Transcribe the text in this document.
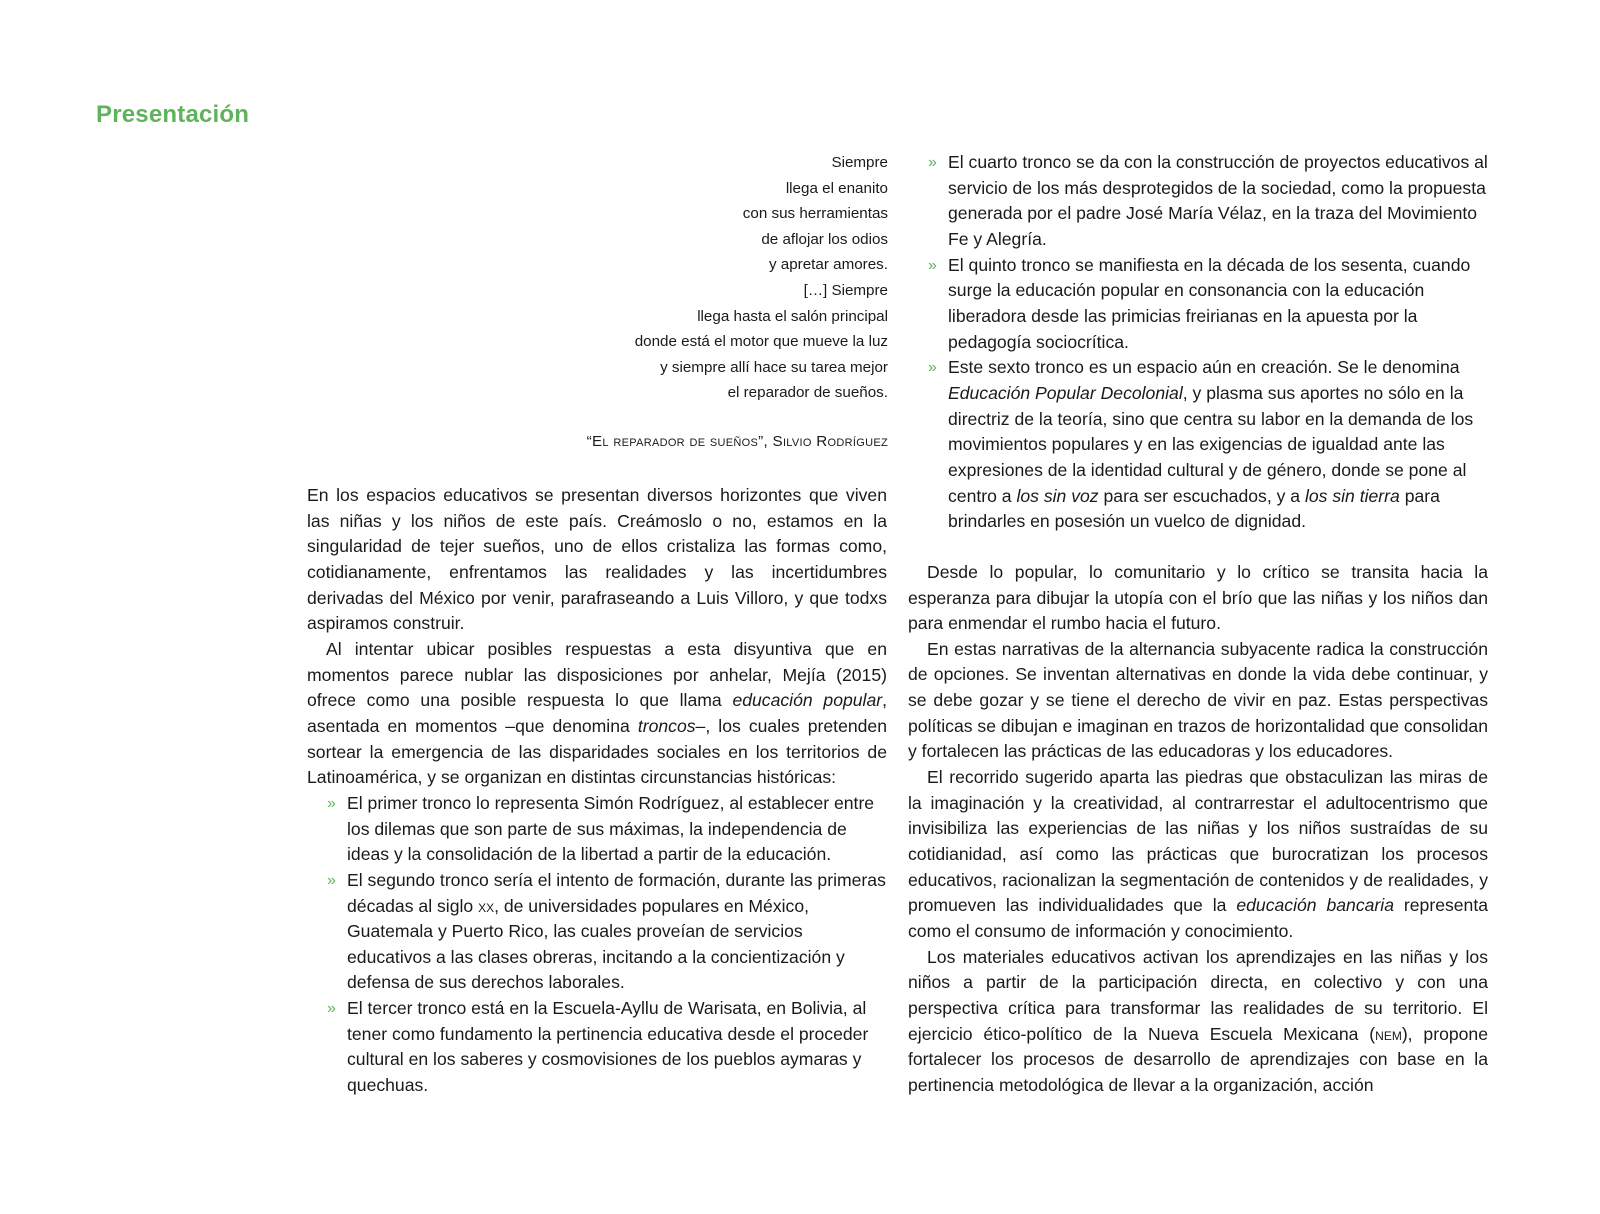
Presentación
Siempre
llega el enanito
con sus herramientas
de aflojar los odios
y apretar amores.
[…] Siempre
llega hasta el salón principal
donde está el motor que mueve la luz
y siempre allí hace su tarea mejor
el reparador de sueños.
“El reparador de sueños”, Silvio Rodríguez

En los espacios educativos se presentan diversos horizontes que viven las niñas y los niños de este país. Creámoslo o no, estamos en la singularidad de tejer sueños, uno de ellos cristaliza las formas como, cotidianamente, enfrentamos las realidades y las incertidumbres derivadas del México por venir, parafraseando a Luis Villoro, y que todxs aspiramos construir.

Al intentar ubicar posibles respuestas a esta disyuntiva que en momentos parece nublar las disposiciones por anhelar, Mejía (2015) ofrece como una posible respuesta lo que llama educación popular, asentada en momentos –que denomina troncos–, los cuales pretenden sortear la emergencia de las disparidades sociales en los territorios de Latinoamérica, y se organizan en distintas circunstancias históricas:

» El primer tronco lo representa Simón Rodríguez, al establecer entre los dilemas que son parte de sus máximas, la independencia de ideas y la consolidación de la libertad a partir de la educación.
» El segundo tronco sería el intento de formación, durante las primeras décadas al siglo xx, de universidades populares en México, Guatemala y Puerto Rico, las cuales proveían de servicios educativos a las clases obreras, incitando a la concientización y defensa de sus derechos laborales.
» El tercer tronco está en la Escuela-Ayllu de Warisata, en Bolivia, al tener como fundamento la pertinencia educativa desde el proceder cultural en los saberes y cosmovisiones de los pueblos aymaras y quechuas.
» El cuarto tronco se da con la construcción de proyectos educativos al servicio de los más desprotegidos de la sociedad, como la propuesta generada por el padre José María Vélaz, en la traza del Movimiento Fe y Alegría.
» El quinto tronco se manifiesta en la década de los sesenta, cuando surge la educación popular en consonancia con la educación liberadora desde las primicias freirianas en la apuesta por la pedagogía sociocrítica.
» Este sexto tronco es un espacio aún en creación. Se le denomina Educación Popular Decolonial, y plasma sus aportes no sólo en la directriz de la teoría, sino que centra su labor en la demanda de los movimientos populares y en las exigencias de igualdad ante las expresiones de la identidad cultural y de género, donde se pone al centro a los sin voz para ser escuchados, y a los sin tierra para brindarles en posesión un vuelco de dignidad.

Desde lo popular, lo comunitario y lo crítico se transita hacia la esperanza para dibujar la utopía con el brío que las niñas y los niños dan para enmendar el rumbo hacia el futuro.

En estas narrativas de la alternancia subyacente radica la construcción de opciones. Se inventan alternativas en donde la vida debe continuar, y se debe gozar y se tiene el derecho de vivir en paz. Estas perspectivas políticas se dibujan e imaginan en trazos de horizontalidad que consolidan y fortalecen las prácticas de las educadoras y los educadores.

El recorrido sugerido aparta las piedras que obstaculizan las miras de la imaginación y la creatividad, al contrarrestar el adultocentrismo que invisibiliza las experiencias de las niñas y los niños sustraídas de su cotidianidad, así como las prácticas que burocratizan los procesos educativos, racionalizan la segmentación de contenidos y de realidades, y promueven las individualidades que la educación bancaria representa como el consumo de información y conocimiento.

Los materiales educativos activan los aprendizajes en las niñas y los niños a partir de la participación directa, en colectivo y con una perspectiva crítica para transformar las realidades de su territorio. El ejercicio ético-político de la Nueva Escuela Mexicana (nem), propone fortalecer los procesos de desarrollo de aprendizajes con base en la pertinencia metodológica de llevar a la organización, acción
